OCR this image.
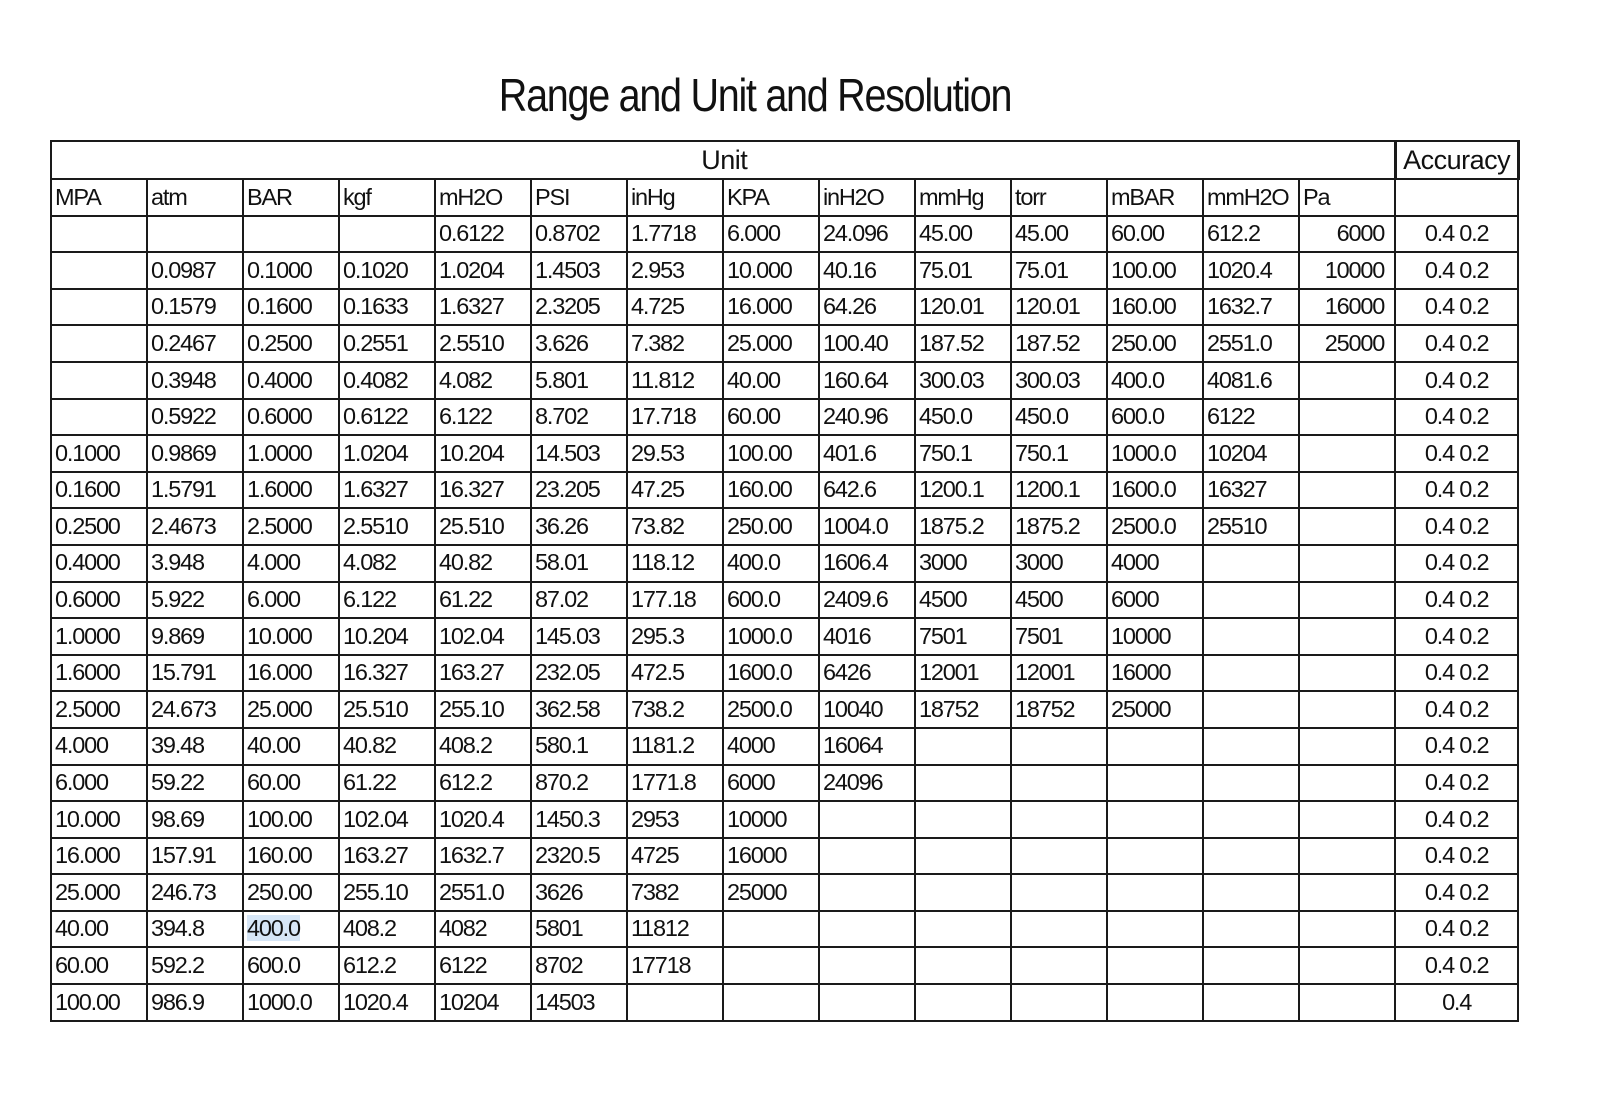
Range and Unit and Resolution
Unit														Accuracy
MPA	atm	BAR	kgf	mH2O	PSI	inHg	KPA	inH2O	mmHg	torr	mBAR	mmH2O	Pa	
				0.6122	0.8702	1.7718	6.000	24.096	45.00	45.00	60.00	612.2	6000	0.4 0.2
	0.0987	0.1000	0.1020	1.0204	1.4503	2.953	10.000	40.16	75.01	75.01	100.00	1020.4	10000	0.4 0.2
	0.1579	0.1600	0.1633	1.6327	2.3205	4.725	16.000	64.26	120.01	120.01	160.00	1632.7	16000	0.4 0.2
	0.2467	0.2500	0.2551	2.5510	3.626	7.382	25.000	100.40	187.52	187.52	250.00	2551.0	25000	0.4 0.2
	0.3948	0.4000	0.4082	4.082	5.801	11.812	40.00	160.64	300.03	300.03	400.0	4081.6		0.4 0.2
	0.5922	0.6000	0.6122	6.122	8.702	17.718	60.00	240.96	450.0	450.0	600.0	6122		0.4 0.2
0.1000	0.9869	1.0000	1.0204	10.204	14.503	29.53	100.00	401.6	750.1	750.1	1000.0	10204		0.4 0.2
0.1600	1.5791	1.6000	1.6327	16.327	23.205	47.25	160.00	642.6	1200.1	1200.1	1600.0	16327		0.4 0.2
0.2500	2.4673	2.5000	2.5510	25.510	36.26	73.82	250.00	1004.0	1875.2	1875.2	2500.0	25510		0.4 0.2
0.4000	3.948	4.000	4.082	40.82	58.01	118.12	400.0	1606.4	3000	3000	4000			0.4 0.2
0.6000	5.922	6.000	6.122	61.22	87.02	177.18	600.0	2409.6	4500	4500	6000			0.4 0.2
1.0000	9.869	10.000	10.204	102.04	145.03	295.3	1000.0	4016	7501	7501	10000			0.4 0.2
1.6000	15.791	16.000	16.327	163.27	232.05	472.5	1600.0	6426	12001	12001	16000			0.4 0.2
2.5000	24.673	25.000	25.510	255.10	362.58	738.2	2500.0	10040	18752	18752	25000			0.4 0.2
4.000	39.48	40.00	40.82	408.2	580.1	1181.2	4000	16064						0.4 0.2
6.000	59.22	60.00	61.22	612.2	870.2	1771.8	6000	24096						0.4 0.2
10.000	98.69	100.00	102.04	1020.4	1450.3	2953	10000							0.4 0.2
16.000	157.91	160.00	163.27	1632.7	2320.5	4725	16000							0.4 0.2
25.000	246.73	250.00	255.10	2551.0	3626	7382	25000							0.4 0.2
40.00	394.8	400.0	408.2	4082	5801	11812								0.4 0.2
60.00	592.2	600.0	612.2	6122	8702	17718								0.4 0.2
100.00	986.9	1000.0	1020.4	10204	14503									0.4
